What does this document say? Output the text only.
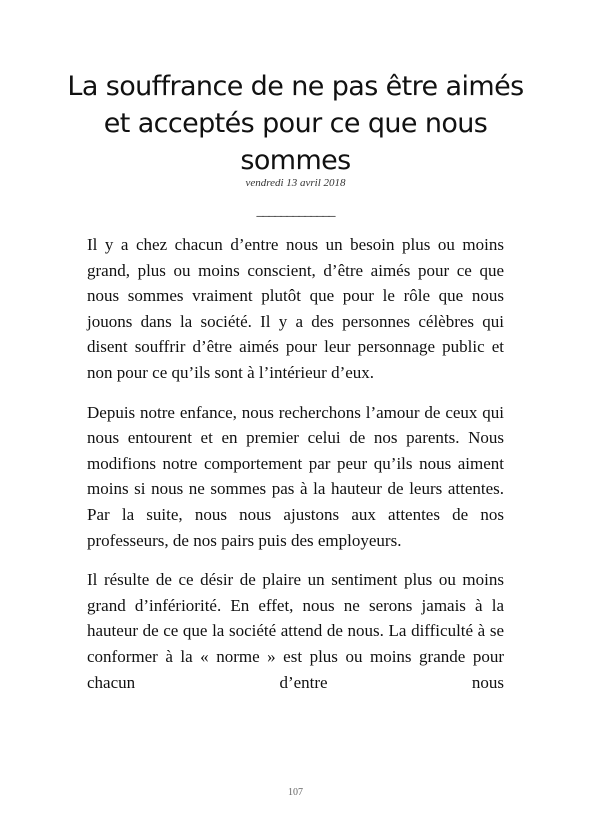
La souffrance de ne pas être aimés et acceptés pour ce que nous sommes
vendredi 13 avril 2018
_____________

Il y a chez chacun d’entre nous un besoin plus ou moins grand, plus ou moins conscient, d’être aimés pour ce que nous sommes vraiment plutôt que pour le rôle que nous jouons dans la société. Il y a des personnes célèbres qui disent souffrir d’être aimés pour leur personnage public et non pour ce qu’ils sont à l’intérieur d’eux.

Depuis notre enfance, nous recherchons l’amour de ceux qui nous entourent et en premier celui de nos parents. Nous modifions notre comportement par peur qu’ils nous aiment moins si nous ne sommes pas à la hauteur de leurs attentes. Par la suite, nous nous ajustons aux attentes de nos professeurs, de nos pairs puis des employeurs.

Il résulte de ce désir de plaire un sentiment plus ou moins grand d’infériorité. En effet, nous ne serons jamais à la hauteur de ce que la société attend de nous. La difficulté à se conformer à la « norme » est plus ou moins grande pour chacun d’entre nous

107
